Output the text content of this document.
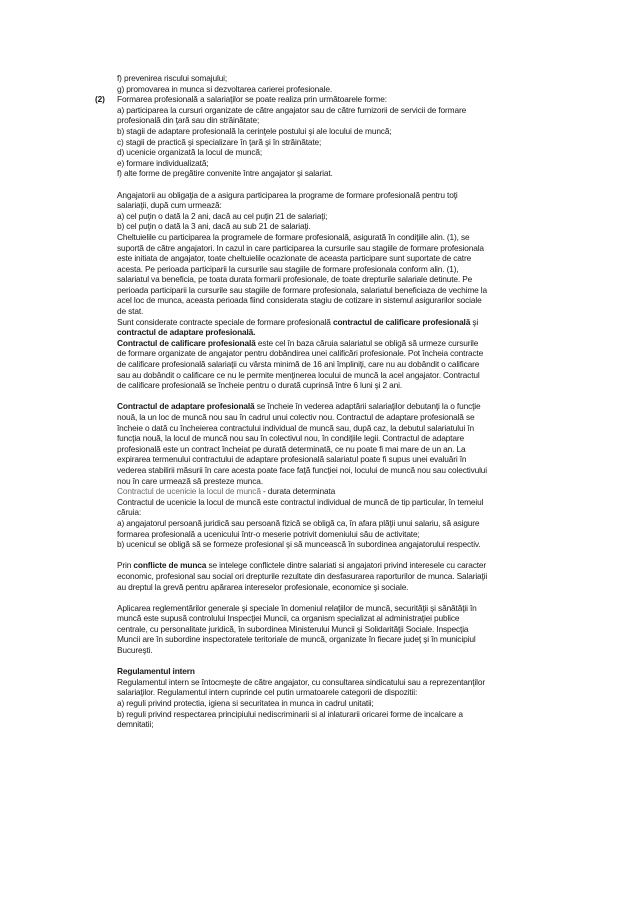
f) prevenirea riscului somajului;
g) promovarea in munca si dezvoltarea carierei profesionale.
(2) Formarea profesională a salariaţilor se poate realiza prin următoarele forme:
a) participarea la cursuri organizate de către angajator sau de către furnizorii de servicii de formare
profesională din ţară sau din străinătate;
b) stagii de adaptare profesională la cerinţele postului şi ale locului de muncă;
c) stagii de practică şi specializare în ţară şi în străinătate;
d) ucenicie organizată la locul de muncă;
e) formare individualizată;
f) alte forme de pregătire convenite între angajator şi salariat.
Angajatorii au obligaţia de a asigura participarea la programe de formare profesională pentru toţi
salariaţii, după cum urmează:
a) cel puţin o dată la 2 ani, dacă au cel puţin 21 de salariaţi;
b) cel puţin o dată la 3 ani, dacă au sub 21 de salariaţi.
Cheltuielile cu participarea la programele de formare profesională, asigurată în condiţiile alin. (1), se
suportă de către angajatori. In cazul in care participarea la cursurile sau stagiile de formare profesionala
este initiata de angajator, toate cheltuielile ocazionate de aceasta participare sunt suportate de catre
acesta. Pe perioada participarii la cursurile sau stagiile de formare profesionala conform alin. (1),
salariatul va beneficia, pe toata durata formarii profesionale, de toate drepturile salariale detinute. Pe
perioada participarii la cursurile sau stagiile de formare profesionala, salariatul beneficiaza de vechime la
acel loc de munca, aceasta perioada fiind considerata stagiu de cotizare in sistemul asigurarilor sociale
de stat.
Sunt considerate contracte speciale de formare profesională contractul de calificare profesională şi
contractul de adaptare profesională.
Contractul de calificare profesională este cel în baza căruia salariatul se obligă să urmeze cursurile
de formare organizate de angajator pentru dobândirea unei calificări profesionale. Pot încheia contracte
de calificare profesională salariaţii cu vârsta minimă de 16 ani împliniţi, care nu au dobândit o calificare
sau au dobândit o calificare ce nu le permite menţinerea locului de muncă la acel angajator. Contractul
de calificare profesională se încheie pentru o durată cuprinsă între 6 luni şi 2 ani.
Contractul de adaptare profesională se încheie în vederea adaptării salariaţilor debutanţi la o funcţie
nouă, la un loc de muncă nou sau în cadrul unui colectiv nou. Contractul de adaptare profesională se
încheie o dată cu încheierea contractului individual de muncă sau, după caz, la debutul salariatului în
funcţia nouă, la locul de muncă nou sau în colectivul nou, în condiţiile legii. Contractul de adaptare
profesională este un contract încheiat pe durată determinată, ce nu poate fi mai mare de un an. La
expirarea termenului contractului de adaptare profesională salariatul poate fi supus unei evaluări în
vederea stabilirii măsurii în care acesta poate face faţă funcţiei noi, locului de muncă nou sau colectivului
nou în care urmează să presteze munca.
Contractul de ucenicie la locul de muncă - durata determinata
Contractul de ucenicie la locul de muncă este contractul individual de muncă de tip particular, în temeiul
căruia:
a) angajatorul persoană juridică sau persoană fizică se obligă ca, în afara plăţii unui salariu, să asigure
formarea profesională a ucenicului într-o meserie potrivit domeniului său de activitate;
b) ucenicul se obligă să se formeze profesional şi să muncească în subordinea angajatorului respectiv.
Prin conflicte de munca se intelege conflictele dintre salariati si angajatori privind interesele cu caracter
economic, profesional sau social ori drepturile rezultate din desfasurarea raporturilor de munca. Salariaţii
au dreptul la grevă pentru apărarea intereselor profesionale, economice şi sociale.
Aplicarea reglementărilor generale şi speciale în domeniul relaţiilor de muncă, securităţii şi sănătăţii în
muncă este supusă controlului Inspecţiei Muncii, ca organism specializat al administraţiei publice
centrale, cu personalitate juridică, în subordinea Ministerului Muncii şi Solidarităţii Sociale. Inspecţia
Muncii are în subordine inspectoratele teritoriale de muncă, organizate în fiecare judeţ şi în municipiul
Bucureşti.
Regulamentul intern
Regulamentul intern se întocmeşte de către angajator, cu consultarea sindicatului sau a reprezentanţilor
salariaţilor. Regulamentul intern cuprinde cel putin urmatoarele categorii de dispozitii:
a) reguli privind protectia, igiena si securitatea in munca in cadrul unitatii;
b) reguli privind respectarea principiului nediscriminarii si al inlaturarii oricarei forme de incalcare a
demnitatii;
